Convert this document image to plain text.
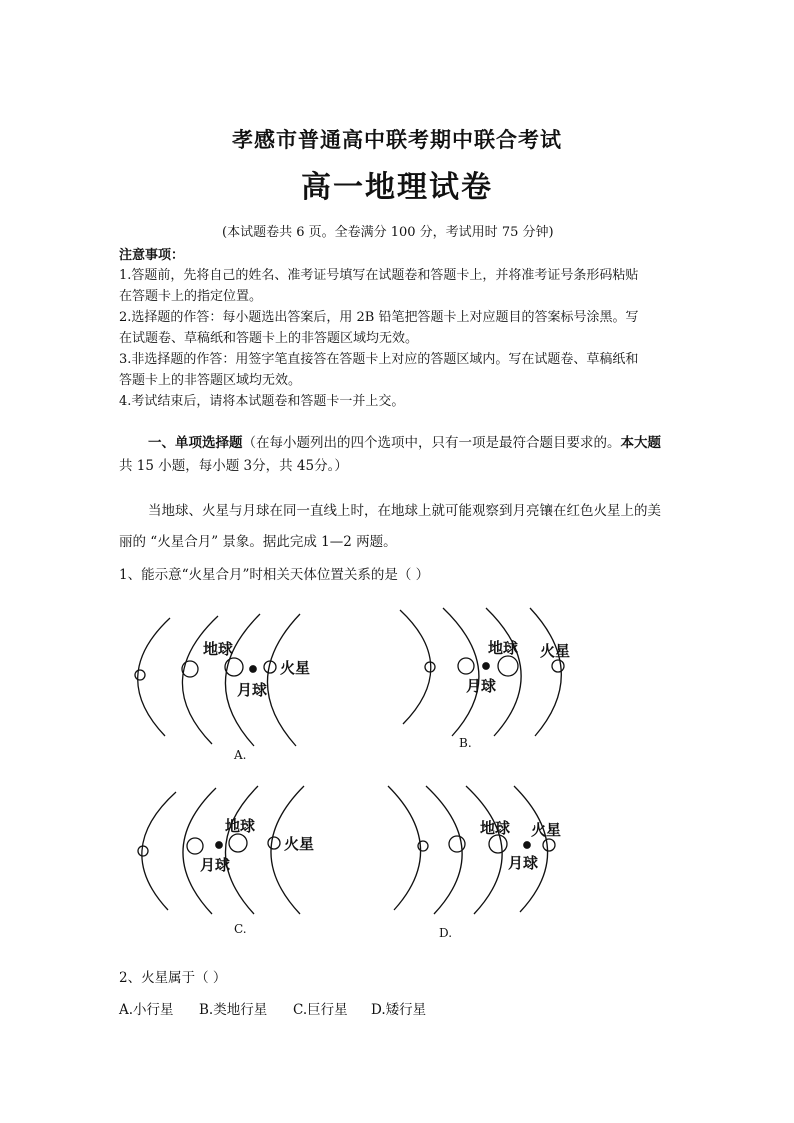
孝感市普通高中联考期中联合考试
高一地理试卷
(本试题卷共 6 页。全卷满分 100 分，考试用时 75 分钟)
注意事项：
1.答题前，先将自己的姓名、准考证号填写在试题卷和答题卡上，并将准考证号条形码粘贴
在答题卡上的指定位置。
2.选择题的作答：每小题选出答案后，用 2B 铅笔把答题卡上对应题目的答案标号涂黑。写
在试题卷、草稿纸和答题卡上的非答题区域均无效。
3.非选择题的作答：用签字笔直接答在答题卡上对应的答题区域内。写在试题卷、草稿纸和
答题卡上的非答题区域均无效。
4.考试结束后，请将本试题卷和答题卡一并上交。
一、单项选择题（在每小题列出的四个选项中，只有一项是最符合题目要求的。本大题
共 15 小题，每小题 3分，共 45分。）
当地球、火星与月球在同一直线上时，在地球上就可能观察到月亮镶在红色火星上的美
丽的 “火星合月” 景象。据此完成 1—2 两题。
1、能示意“火星合月”时相关天体位置关系的是（ ）
地球
月球
火星
A.
地球
月球
火星
B.
地球
月球
火星
C.
地球
月球
火星
D.
2、火星属于（ ）
A.小行星 B.类地行星 C.巨行星 D.矮行星
